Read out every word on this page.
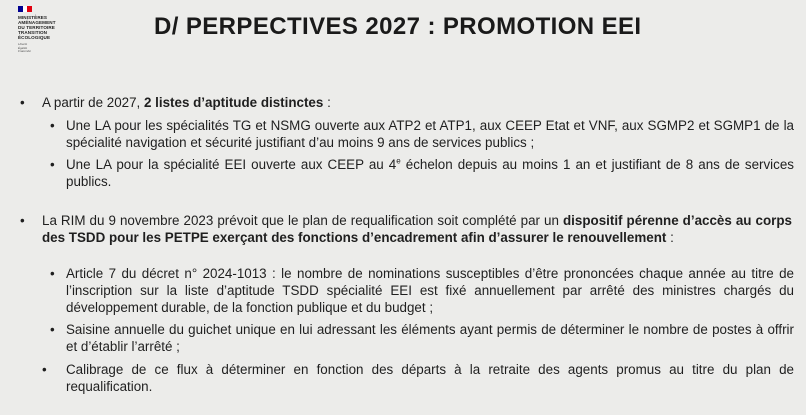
MINISTÈRES
AMÉNAGEMENT
DU TERRITOIRE
TRANSITION
ÉCOLOGIQUE
Liberté
Égalité
Fraternité
D/ PERPECTIVES 2027 : PROMOTION EEI
• A partir de 2027, 2 listes d’aptitude distinctes :
• Une LA pour les spécialités TG et NSMG ouverte aux ATP2 et ATP1, aux CEEP Etat et VNF, aux SGMP2 et SGMP1 de la spécialité navigation et sécurité justifiant d’au moins 9 ans de services publics ;
• Une LA pour la spécialité EEI ouverte aux CEEP au 4e échelon depuis au moins 1 an et justifiant de 8 ans de services publics.
• La RIM du 9 novembre 2023 prévoit que le plan de requalification soit complété par un dispositif pérenne d’accès au corps des TSDD pour les PETPE exerçant des fonctions d’encadrement afin d’assurer le renouvellement :
• Article 7 du décret n° 2024-1013 : le nombre de nominations susceptibles d’être prononcées chaque année au titre de l’inscription sur la liste d’aptitude TSDD spécialité EEI est fixé annuellement par arrêté des ministres chargés du développement durable, de la fonction publique et du budget ;
• Saisine annuelle du guichet unique en lui adressant les éléments ayant permis de déterminer le nombre de postes à offrir et d’établir l’arrêté ;
• Calibrage de ce flux à déterminer en fonction des départs à la retraite des agents promus au titre du plan de requalification.
